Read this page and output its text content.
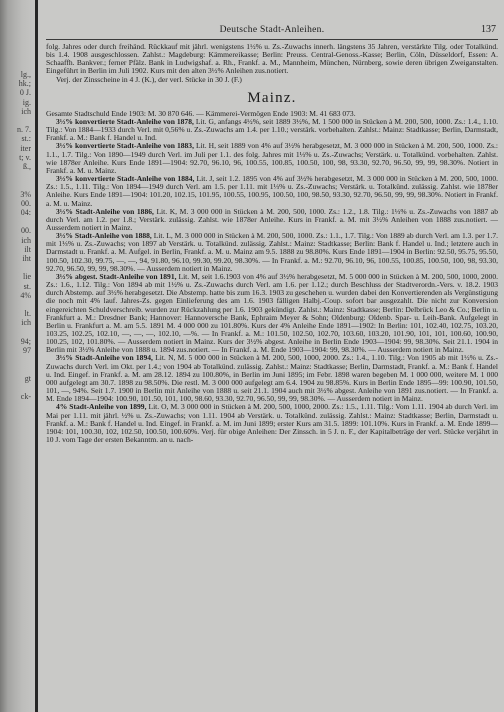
lg.,
hk.;
0 J.
ig.
ich

n. 7.
st.:
iter
t; v.
ß.,

3%
00.
04:

00.
ich
ilt
iht

lie
st.
4%

lt.
ich

94;
97

gt

ck-
Deutsche Stadt-Anleihen.	137

folg. Jahres oder durch freihänd. Rückkauf mit jährl. wenigstens 1½% u. Zs.-Zuwachs innerh. längstens 35 Jahren, verstärkte Tilg. oder Totalkünd. bis 1.4. 1908 ausgeschlossen. Zahlst.: Magdeburg: Kämmereikasse; Berlin: Preuss. Central-Genoss.-Kasse; Berlin, Cöln, Düsseldorf, Essen: A. Schaaffh. Bankver.; ferner Pfälz. Bank in Ludwigshaf. a. Rh., Frankf. a. M., Mannheim, München, Nürnberg, sowie deren übrigen Zweiganstalten. Eingeführt in Berlin im Juli 1902. Kurs mit den alten 3½% Anleihen zus.notiert.

Verj. der Zinsscheine in 4 J. (K.), der verl. Stücke in 30 J. (F.)

Mainz.

Gesamte Stadtschuld Ende 1903: M. 30 870 646. — Kämmerei-Vermögen Ende 1903: M. 41 683 073.

3½% konvertierte Stadt-Anleihe von 1878, Lit. G, anfangs 4½%, seit 1889 3½%, M. 1 500 000 in Stücken à M. 200, 500, 1000. Zs.: 1.4., 1.10. Tilg.: Von 1884—1933 durch Verl. mit 0,56% u. Zs.-Zuwachs am 1.4. per 1.10.; verstärk. vorbehalten. Zahlst.: Mainz: Stadtkasse; Berlin, Darmstadt, Frankf. a. M.: Bank f. Handel u. Ind.

3½% konvertierte Stadt-Anleihe von 1883, Lit. H, seit 1889 von 4% auf 3½% herabgesetzt, M. 3 000 000 in Stücken à M. 200, 500, 1000. Zs.: 1.1., 1.7. Tilg.: Von 1890—1949 durch Verl. im Juli per 1.1. des folg. Jahres mit 1⅓% u. Zs.-Zuwachs; Verstärk. u. Totalkünd. vorbehalten. Zahlst. wie 1878er Anleihe. Kurs Ende 1891—1904: 92.70, 96.10, 96, 100.55, 100.85, 100.50, 100, 98, 93.30, 92.70, 96.50, 99, 99, 98.30%. Notiert in Frankf. a. M. u. Mainz.

3½% konvertierte Stadt-Anleihe von 1884, Lit. J, seit 1.2. 1895 von 4% auf 3½% herabgesetzt, M. 3 000 000 in Stücken à M. 200, 500, 1000. Zs.: 1.5., 1.11. Tilg.: Von 1894—1949 durch Verl. am 1.5. per 1.11. mit 1⅓% u. Zs.-Zuwachs; Verstärk. u. Totalkünd. zulässig. Zahlst. wie 1878er Anleihe. Kurs Ende 1891—1904: 101.20, 102.15, 101.95, 100.55, 100.95, 100.50, 100, 98.50, 93.30, 92.70, 96.50, 99, 99, 98.30%. Notiert in Frankf. a. M. u. Mainz.

3½% Stadt-Anleihe von 1886, Lit. K, M. 3 000 000 in Stücken à M. 200, 500, 1000. Zs.: 1.2., 1.8. Tilg.: 1⅓% u. Zs.-Zuwachs von 1887 ab durch Verl. am 1.2. per 1.8.; Verstärk. zulässig. Zahlst. wie 1878er Anleihe. Kurs in Frankf. a. M. mit 3½% Anleihen von 1888 zus.notiert. — Ausserdem notiert in Mainz.

3½% Stadt-Anleihe von 1888, Lit. L, M. 3 000 000 in Stücken à M. 200, 500, 1000. Zs.: 1.1., 1.7. Tilg.: Von 1889 ab durch Verl. am 1.3. per 1.7. mit 1⅓% u. Zs.-Zuwachs; von 1897 ab Verstärk. u. Totalkünd. zulässig. Zahlst.: Mainz: Stadtkasse; Berlin: Bank f. Handel u. Ind.; letztere auch in Darmstadt u. Frankf. a. M. Aufgel. in Berlin, Frankf. a. M. u. Mainz am 9.5. 1888 zu 98.80%. Kurs Ende 1891—1904 in Berlin: 92.50, 95.75, 95.50, 100.50, 102.30, 99.75, —, —, 94, 91.80, 96.10, 99.30, 99.20, 98.30%. — In Frankf. a. M.: 92.70, 96.10, 96, 100.55, 100.85, 100.50, 100, 98, 93.30, 92.70, 96.50, 99, 99, 98.30%. — Ausserdem notiert in Mainz.

3½% abgest. Stadt-Anleihe von 1891, Lit. M, seit 1.6.1903 von 4% auf 3½% herabgesetzt, M. 5 000 000 in Stücken à M. 200, 500, 1000, 2000. Zs.: 1.6., 1.12. Tilg.: Von 1894 ab mit 1½% u. Zs.-Zuwachs durch Verl. am 1.6. per 1.12.; durch Beschluss der Stadtverordn.-Vers. v. 18.2. 1903 durch Abstemp. auf 3½% herabgesetzt. Die Abstemp. hatte bis zum 16.3. 1903 zu geschehen u. wurden dabei den Konvertierenden als Vergünstigung die noch mit 4% lauf. Jahres-Zs. gegen Einlieferung des am 1.6. 1903 fälligen Halbj.-Coup. sofort bar ausgezahlt. Die nicht zur Konversion eingereichten Schuldverschreib. wurden zur Rückzahlung per 1.6. 1903 gekündigt. Zahlst.: Mainz: Stadtkasse; Berlin: Delbrück Leo & Co.; Berlin u. Frankfurt a. M.: Dresdner Bank; Hannover: Hannoversche Bank, Ephraim Meyer & Sohn; Oldenburg: Oldenb. Spar- u. Leih-Bank. Aufgelegt in Berlin u. Frankfurt a. M. am 5.5. 1891 M. 4 000 000 zu 101.80%. Kurs der 4% Anleihe Ende 1891—1902: In Berlin: 101, 102.40, 102.75, 103.20, 103.25, 102.25, 102.10, —, —, —, 102.10, —%. — In Frankf. a. M.: 101.50, 102.50, 102.70, 103.60, 103.20, 101.90, 101, 101, 100.60, 100.90, 100.25, 102, 101.80%. — Ausserdem notiert in Mainz. Kurs der 3½% abgest. Anleihe in Berlin Ende 1903—1904: 99, 98.30%. Seit 21.1. 1904 in Berlin mit 3½% Anleihe von 1888 u. 1894 zus.notiert. — In Frankf. a. M. Ende 1903—1904: 99, 98.30%. — Ausserdem notiert in Mainz.

3½% Stadt-Anleihe von 1894, Lit. N, M. 5 000 000 in Stücken à M. 200, 500, 1000, 2000. Zs.: 1.4., 1.10. Tilg.: Von 1905 ab mit 1½% u. Zs.-Zuwachs durch Verl. im Okt. per 1.4.; von 1904 ab Totalkünd. zulässig. Zahlst.: Mainz: Stadtkasse; Berlin, Darmstadt, Frankf. a. M.: Bank f. Handel u. Ind. Eingef. in Frankf. a. M. am 28.12. 1894 zu 100.80%, in Berlin im Juni 1895; im Febr. 1898 waren begeben M. 1 000 000, weitere M. 1 000 000 aufgelegt am 30.7. 1898 zu 98.50%. Die restl. M. 3 000 000 aufgelegt am 6.4. 1904 zu 98.85%. Kurs in Berlin Ende 1895—99: 100.90, 101.50, 101, —, 94%. Seit 1.7. 1900 in Berlin mit Anleihe von 1888 u. seit 21.1. 1904 auch mit 3½% abgest. Anleihe von 1891 zus.notiert. — In Frankf. a. M. Ende 1894—1904: 100.90, 101.50, 101, 100, 98.60, 93.30, 92.70, 96.50, 99, 99, 98.30%. — Ausserdem notiert in Mainz.

4% Stadt-Anleihe von 1899, Lit. O, M. 3 000 000 in Stücken à M. 200, 500, 1000, 2000. Zs.: 1.5., 1.11. Tilg.: Vom 1.11. 1904 ab durch Verl. im Mai per 1.11. mit jährl. ½% u. Zs.-Zuwachs; von 1.11. 1904 ab Verstärk. u. Totalkünd. zulässig. Zahlst.: Mainz: Stadtkasse; Berlin, Darmstadt u. Frankf. a. M.: Bank f. Handel u. Ind. Eingef. in Frankf. a. M. im Juni 1899; erster Kurs am 31.5. 1899: 101.10%. Kurs in Frankf. a. M. Ende 1899—1904: 101, 100.30, 102, 102.50, 100.50, 100.60%. Verj. für obige Anleihen: Der Zinssch. in 5 J. n. F., der Kapitalbeträge der verl. Stücke verjährt in 10 J. vom Tage der ersten Bekanntm. an u. nach-
